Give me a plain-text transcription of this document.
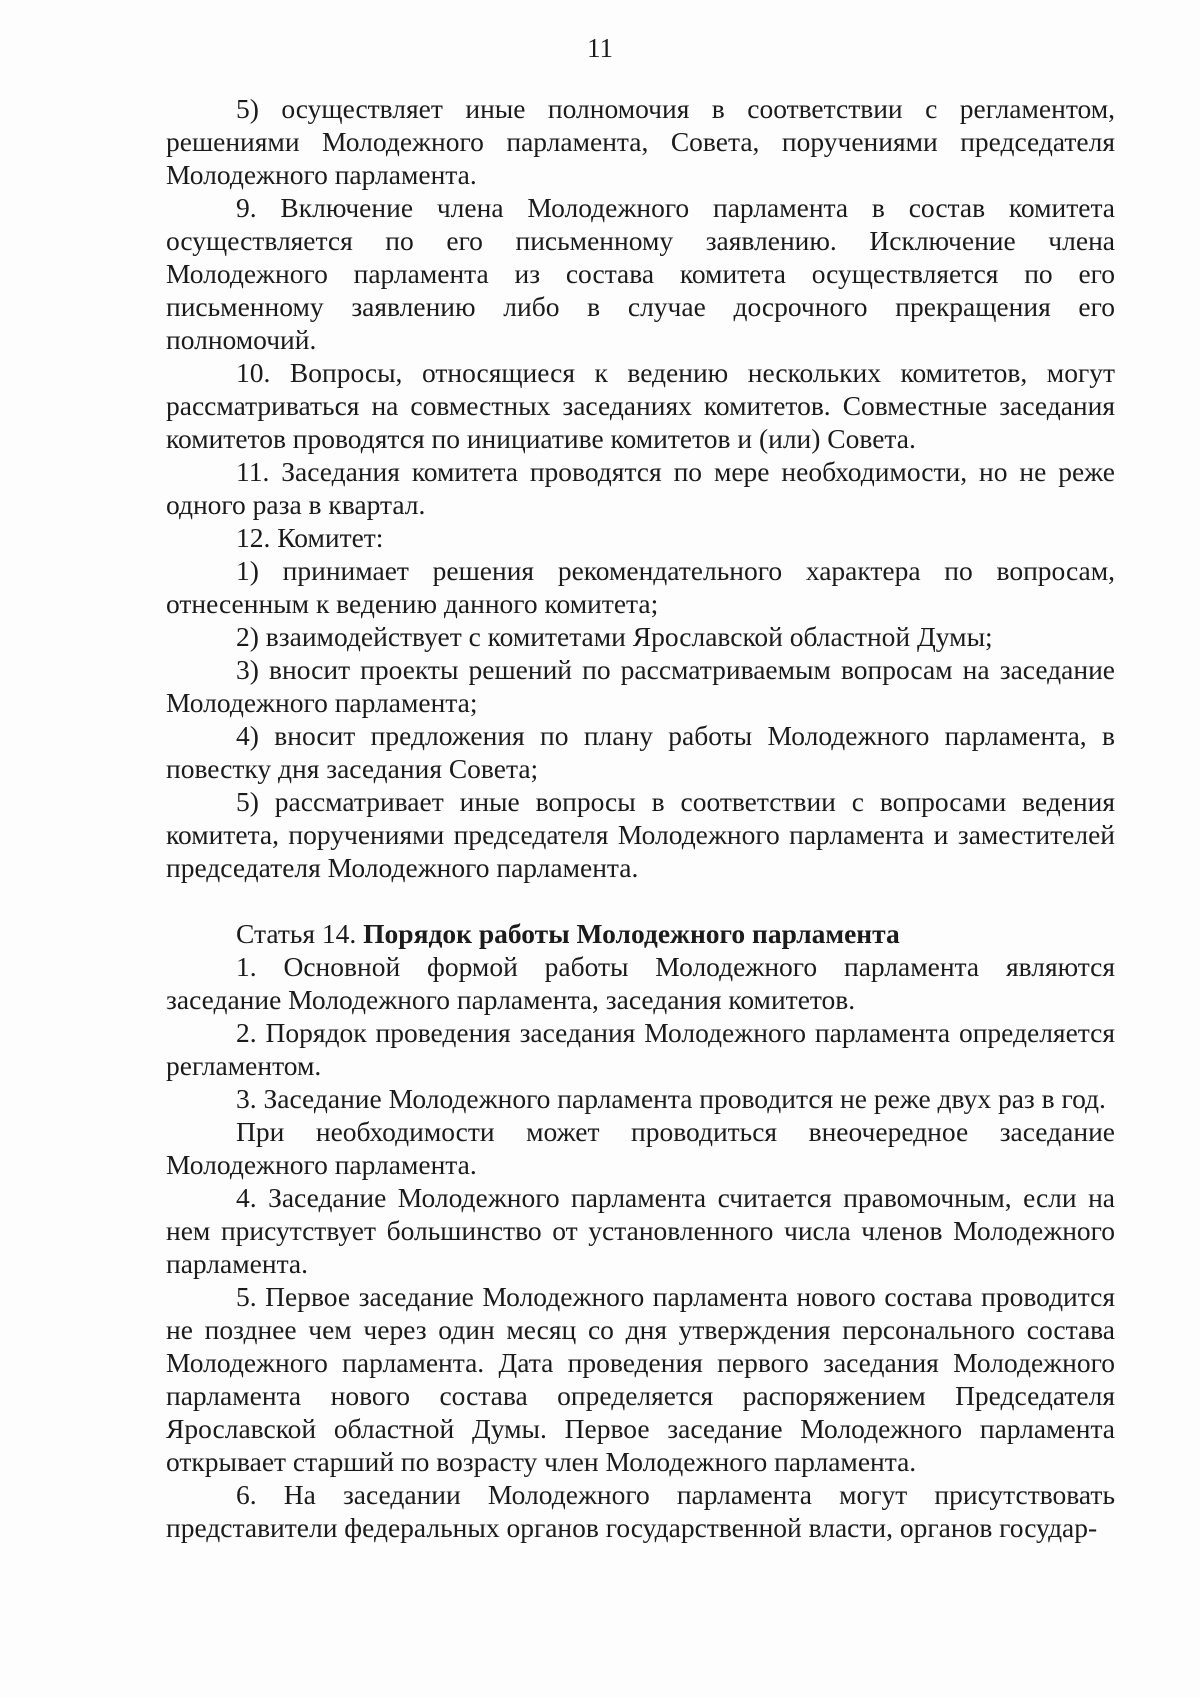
11

5) осуществляет иные полномочия в соответствии с регламентом, решениями Молодежного парламента, Совета, поручениями председателя Молодежного парламента.

9. Включение члена Молодежного парламента в состав комитета осуществляется по его письменному заявлению. Исключение члена Молодежного парламента из состава комитета осуществляется по его письменному заявлению либо в случае досрочного прекращения его полномочий.

10. Вопросы, относящиеся к ведению нескольких комитетов, могут рассматриваться на совместных заседаниях комитетов. Совместные заседания комитетов проводятся по инициативе комитетов и (или) Совета.

11. Заседания комитета проводятся по мере необходимости, но не реже одного раза в квартал.

12. Комитет:

1) принимает решения рекомендательного характера по вопросам, отнесенным к ведению данного комитета;

2) взаимодействует с комитетами Ярославской областной Думы;

3) вносит проекты решений по рассматриваемым вопросам на заседание Молодежного парламента;

4) вносит предложения по плану работы Молодежного парламента, в повестку дня заседания Совета;

5) рассматривает иные вопросы в соответствии с вопросами ведения комитета, поручениями председателя Молодежного парламента и заместителей председателя Молодежного парламента.

Статья 14. Порядок работы Молодежного парламента

1. Основной формой работы Молодежного парламента являются заседание Молодежного парламента, заседания комитетов.

2. Порядок проведения заседания Молодежного парламента определяется регламентом.

3. Заседание Молодежного парламента проводится не реже двух раз в год.

При необходимости может проводиться внеочередное заседание Молодежного парламента.

4. Заседание Молодежного парламента считается правомочным, если на нем присутствует большинство от установленного числа членов Молодежного парламента.

5. Первое заседание Молодежного парламента нового состава проводится не позднее чем через один месяц со дня утверждения персонального состава Молодежного парламента. Дата проведения первого заседания Молодежного парламента нового состава определяется распоряжением Председателя Ярославской областной Думы. Первое заседание Молодежного парламента открывает старший по возрасту член Молодежного парламента.

6. На заседании Молодежного парламента могут присутствовать представители федеральных органов государственной власти, органов государ-
